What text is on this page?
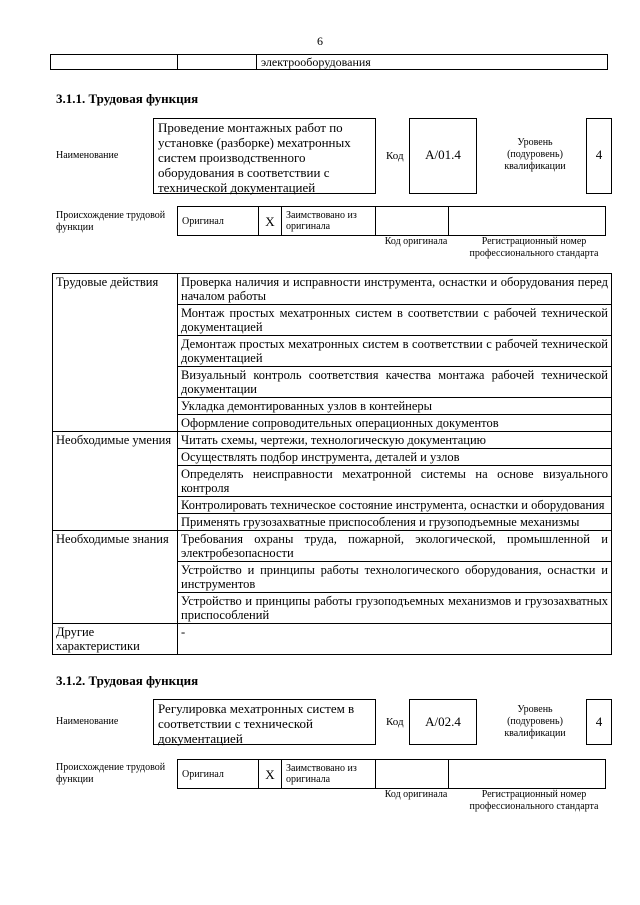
6
		электрооборудования
3.1.1. Трудовая функция
Наименование
Проведение монтажных работ по установке (разборке) мехатронных систем производственного оборудования в соответствии с технической документацией
Код	A/01.4
Уровень (подуровень) квалификации
4
Происхождение трудовой функции
Оригинал	X	Заимствовано из оригинала		
Код оригинала	Регистрационный номер профессионального стандарта
Трудовые действия	Проверка наличия и исправности инструмента, оснастки и оборудования перед началом работы
	Монтаж простых мехатронных систем в соответствии с рабочей технической документацией
	Демонтаж простых мехатронных систем в соответствии с рабочей технической документацией
	Визуальный контроль соответствия качества монтажа рабочей технической документации
	Укладка демонтированных узлов в контейнеры
	Оформление сопроводительных операционных документов
Необходимые умения	Читать схемы, чертежи, технологическую документацию
	Осуществлять подбор инструмента, деталей и узлов
	Определять неисправности мехатронной системы на основе визуального контроля
	Контролировать техническое состояние инструмента, оснастки и оборудования
	Применять грузозахватные приспособления и грузоподъемные механизмы
Необходимые знания	Требования охраны труда, пожарной, экологической, промышленной и электробезопасности
	Устройство и принципы работы технологического оборудования, оснастки и инструментов
	Устройство и принципы работы грузоподъемных механизмов и грузозахватных приспособлений
Другие характеристики	-
3.1.2. Трудовая функция
Наименование
Регулировка мехатронных систем в соответствии с технической документацией
Код	A/02.4
Уровень (подуровень) квалификации
4
Происхождение трудовой функции	Оригинал	X	Заимствовано из оригинала		
Код оригинала	Регистрационный номер профессионального стандарта
